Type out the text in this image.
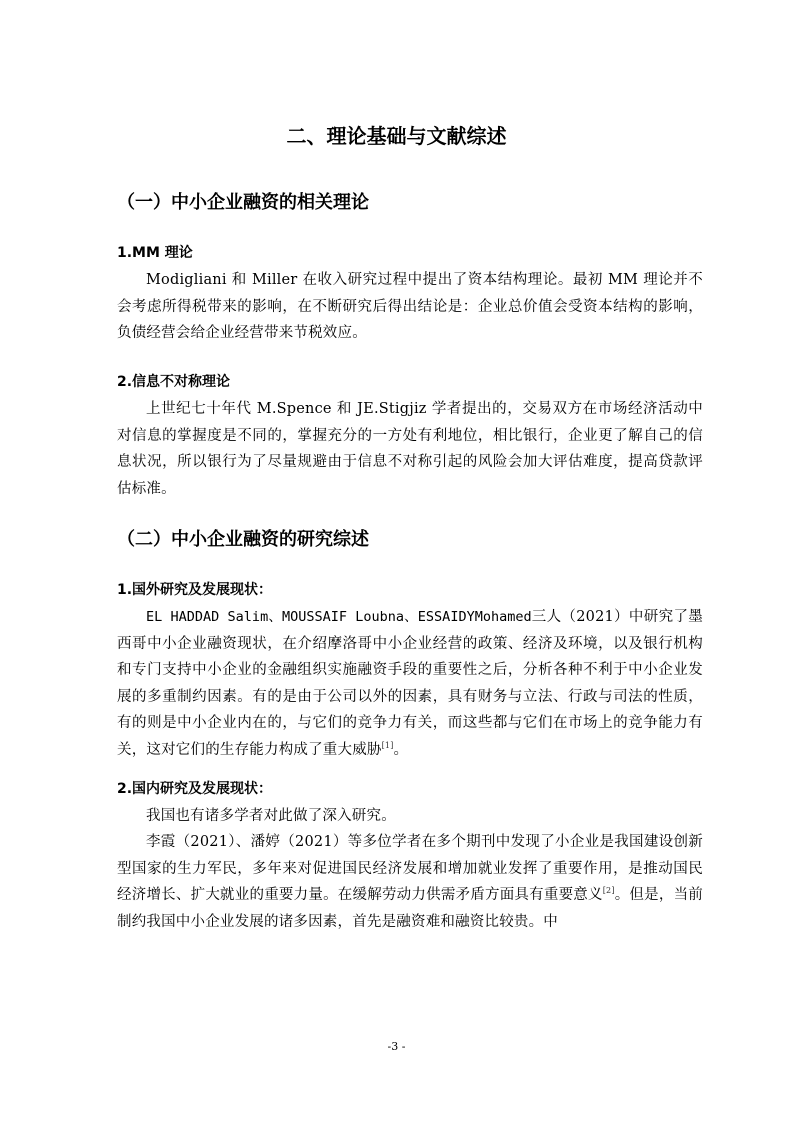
二、理论基础与文献综述
（一）中小企业融资的相关理论
1.MM 理论

Modigliani 和 Miller 在收入研究过程中提出了资本结构理论。最初 MM 理论并不会考虑所得税带来的影响，在不断研究后得出结论是：企业总价值会受资本结构的影响，负债经营会给企业经营带来节税效应。

2.信息不对称理论

上世纪七十年代 M.Spence 和 JE.Stigjiz 学者提出的，交易双方在市场经济活动中对信息的掌握度是不同的，掌握充分的一方处有利地位，相比银行，企业更了解自己的信息状况，所以银行为了尽量规避由于信息不对称引起的风险会加大评估难度，提高贷款评估标准。

（二）中小企业融资的研究综述
1.国外研究及发展现状：

EL HADDAD Salim、MOUSSAIF Loubna、ESSAIDYMohamed三人（2021）中研究了墨西哥中小企业融资现状，在介绍摩洛哥中小企业经营的政策、经济及环境，以及银行机构和专门支持中小企业的金融组织实施融资手段的重要性之后，分析各种不利于中小企业发展的多重制约因素。有的是由于公司以外的因素，具有财务与立法、行政与司法的性质，有的则是中小企业内在的，与它们的竞争力有关，而这些都与它们在市场上的竞争能力有关，这对它们的生存能力构成了重大威胁[1]。

2.国内研究及发展现状：

我国也有诸多学者对此做了深入研究。

李霞（2021）、潘婷（2021）等多位学者在多个期刊中发现了小企业是我国建设创新型国家的生力军民，多年来对促进国民经济发展和增加就业发挥了重要作用，是推动国民经济增长、扩大就业的重要力量。在缓解劳动力供需矛盾方面具有重要意义[2]。但是，当前制约我国中小企业发展的诸多因素，首先是融资难和融资比较贵。中

-3 -
